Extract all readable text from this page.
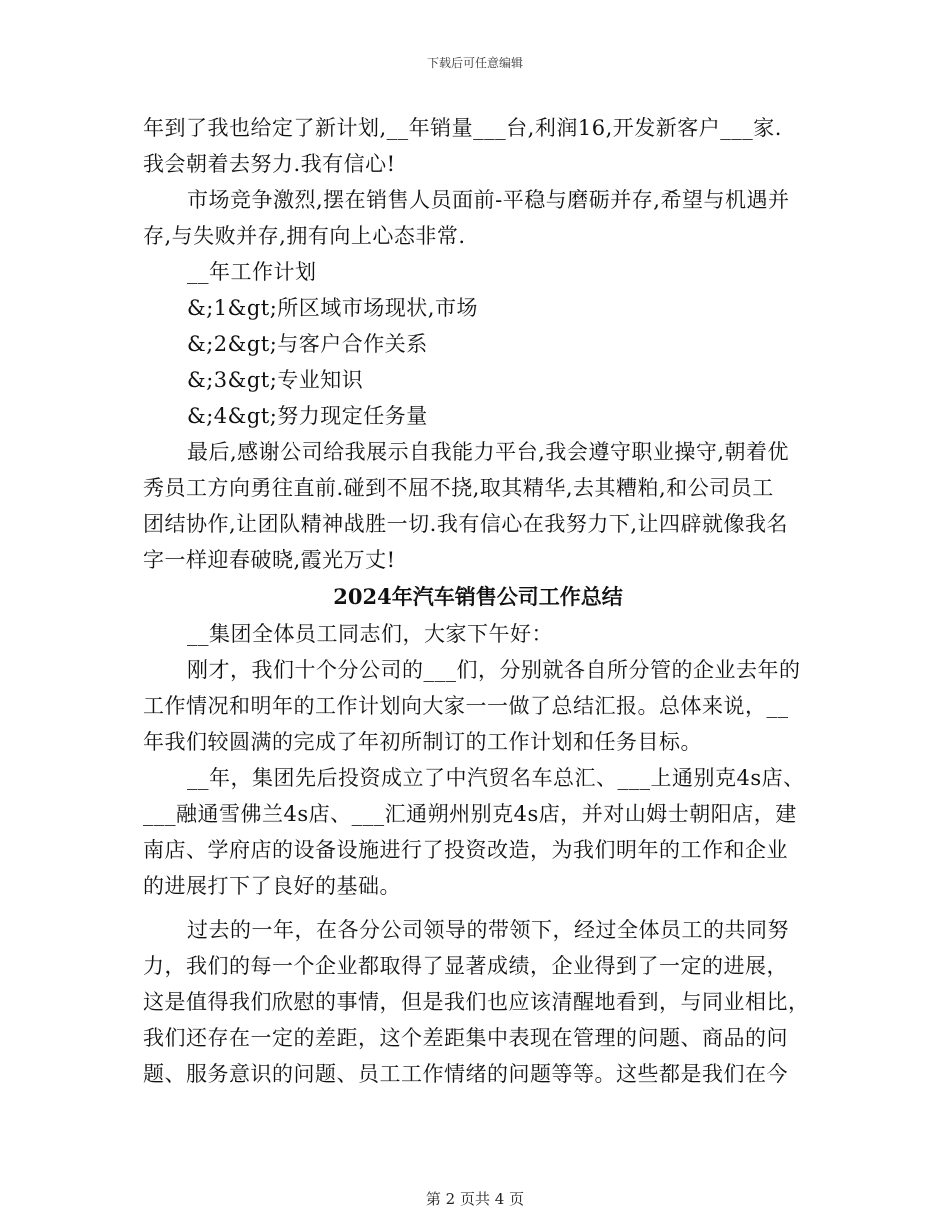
下载后可任意编辑
年到了我也给定了新计划,__年销量___台,利润16,开发新客户___家.
我会朝着去努力.我有信心!
市场竞争激烈,摆在销售人员面前-平稳与磨砺并存,希望与机遇并
存,与失败并存,拥有向上心态非常.
__年工作计划
&;1&gt;所区域市场现状,市场
&;2&gt;与客户合作关系
&;3&gt;专业知识
&;4&gt;努力现定任务量
最后,感谢公司给我展示自我能力平台,我会遵守职业操守,朝着优
秀员工方向勇往直前.碰到不屈不挠,取其精华,去其糟粕,和公司员工
团结协作,让团队精神战胜一切.我有信心在我努力下,让四辟就像我名
字一样迎春破晓,霞光万丈!
2024年汽车销售公司工作总结
__集团全体员工同志们，大家下午好：
刚才，我们十个分公司的___们，分别就各自所分管的企业去年的
工作情况和明年的工作计划向大家一一做了总结汇报。总体来说，__
年我们较圆满的完成了年初所制订的工作计划和任务目标。
__年，集团先后投资成立了中汽贸名车总汇、___上通别克4s店、
___融通雪佛兰4s店、___汇通朔州别克4s店，并对山姆士朝阳店，建
南店、学府店的设备设施进行了投资改造，为我们明年的工作和企业
的进展打下了良好的基础。
过去的一年，在各分公司领导的带领下，经过全体员工的共同努
力，我们的每一个企业都取得了显著成绩，企业得到了一定的进展，
这是值得我们欣慰的事情，但是我们也应该清醒地看到，与同业相比，
我们还存在一定的差距，这个差距集中表现在管理的问题、商品的问
题、服务意识的问题、员工工作情绪的问题等等。这些都是我们在今
第 2 页共 4 页
